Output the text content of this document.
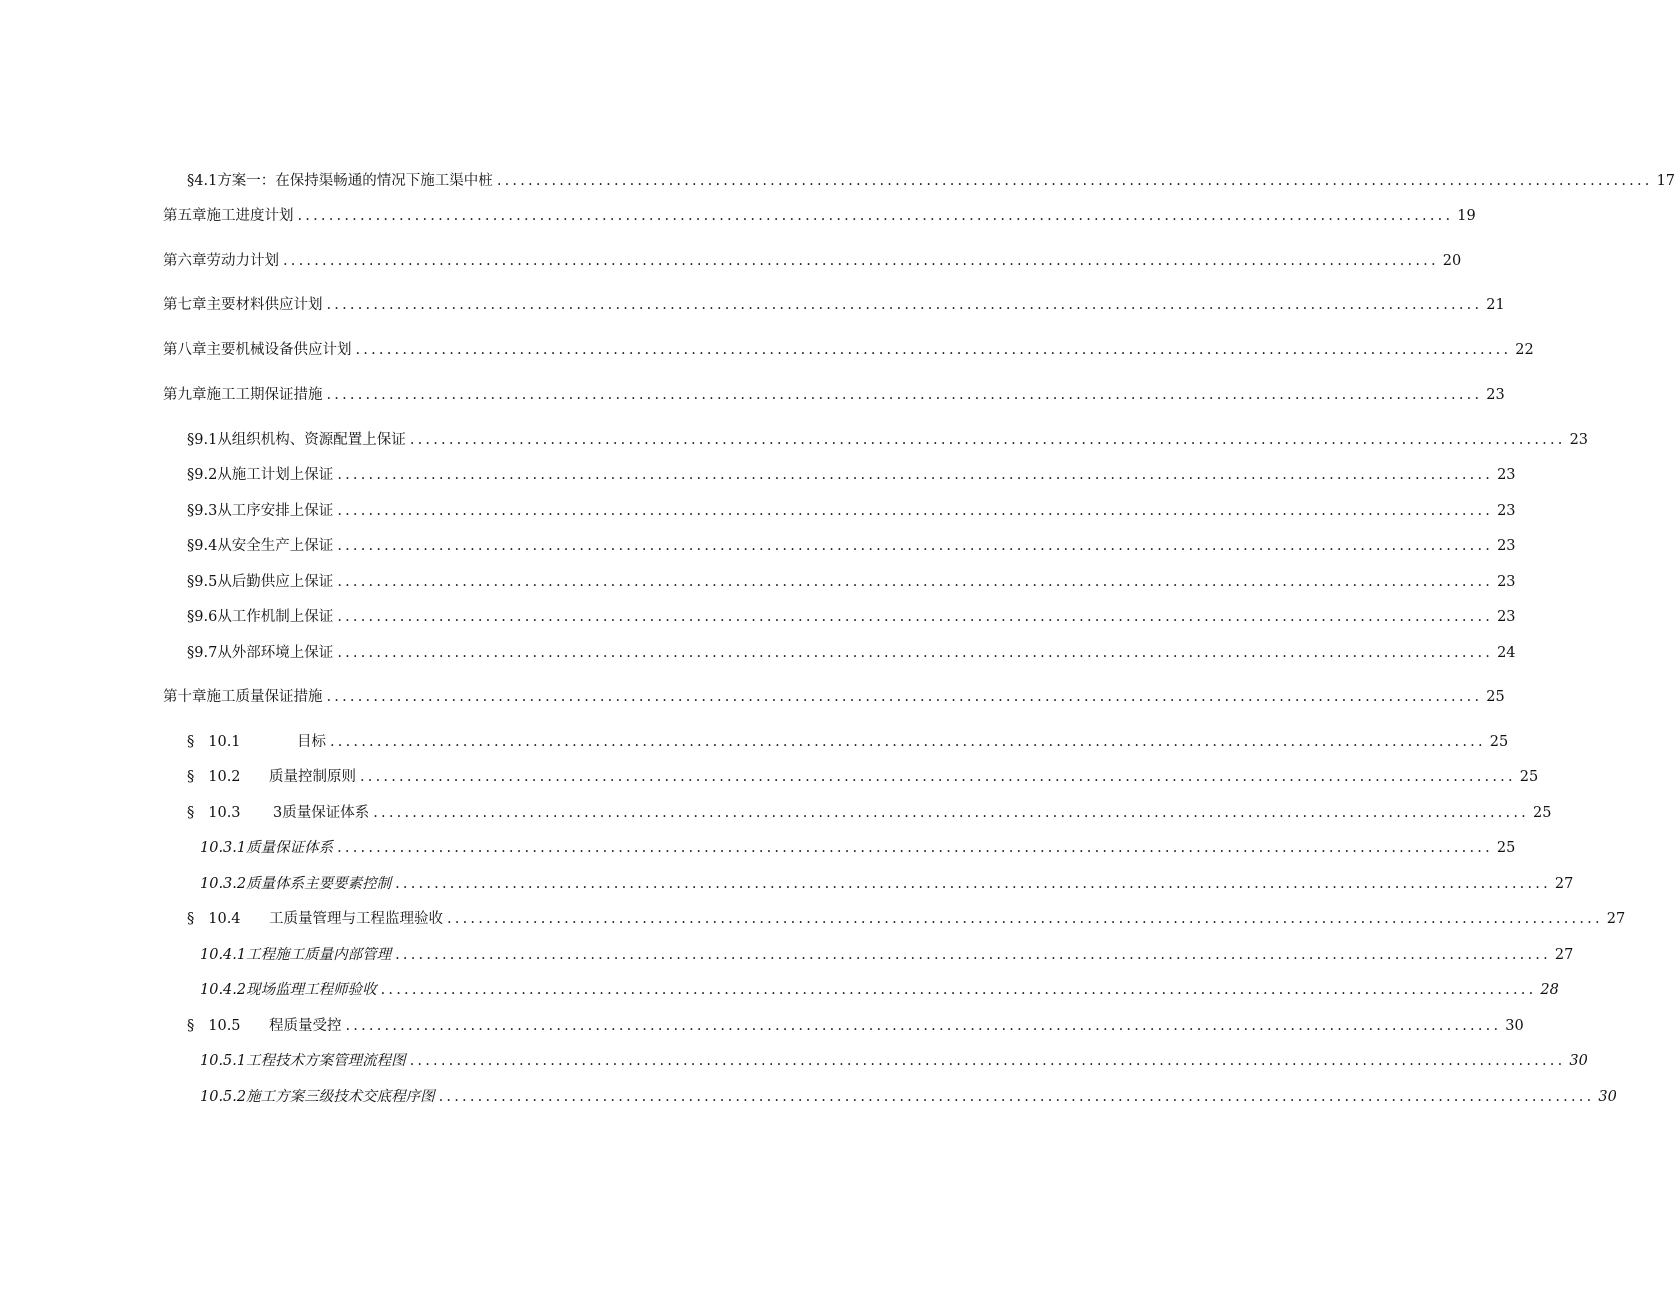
§4.1 方案一：在保持渠畅通的情况下施工渠中桩 .................................................................................................................................................... 17
第五章施工进度计划 .................................................................................................................................................... 19
第六章劳动力计划 .................................................................................................................................................... 20
第七章主要材料供应计划 .................................................................................................................................................... 21
第八章主要机械设备供应计划 .................................................................................................................................................... 22
第九章施工工期保证措施 .................................................................................................................................................... 23
§9.1 从组织机构、资源配置上保证 .................................................................................................................................................... 23
§9.2 从施工计划上保证 .................................................................................................................................................... 23
§9.3 从工序安排上保证 .................................................................................................................................................... 23
§9.4 从安全生产上保证 .................................................................................................................................................... 23
§9.5 从后勤供应上保证 .................................................................................................................................................... 23
§9.6 从工作机制上保证 .................................................................................................................................................... 23
§9.7 从外部环境上保证 .................................................................................................................................................... 24
第十章施工质量保证措施 .................................................................................................................................................... 25
§ 10.1	目标 .................................................................................................................................................... 25
§ 10.2	质量控制原则 .................................................................................................................................................... 25
§ 10.3	3质量保证体系 .................................................................................................................................................... 25
10.3.1 质量保证体系 .................................................................................................................................................... 25
10.3.2 质量体系主要要素控制 .................................................................................................................................................... 27
§ 10.4	工质量管理与工程监理验收 .................................................................................................................................................... 27
10.4.1 工程施工质量内部管理 .................................................................................................................................................... 27
10.4.2 现场监理工程师验收 .................................................................................................................................................... 28
§ 10.5	程质量受控 .................................................................................................................................................... 30
10.5.1 工程技术方案管理流程图 .................................................................................................................................................... 30
10.5.2 施工方案三级技术交底程序图 .................................................................................................................................................... 30
